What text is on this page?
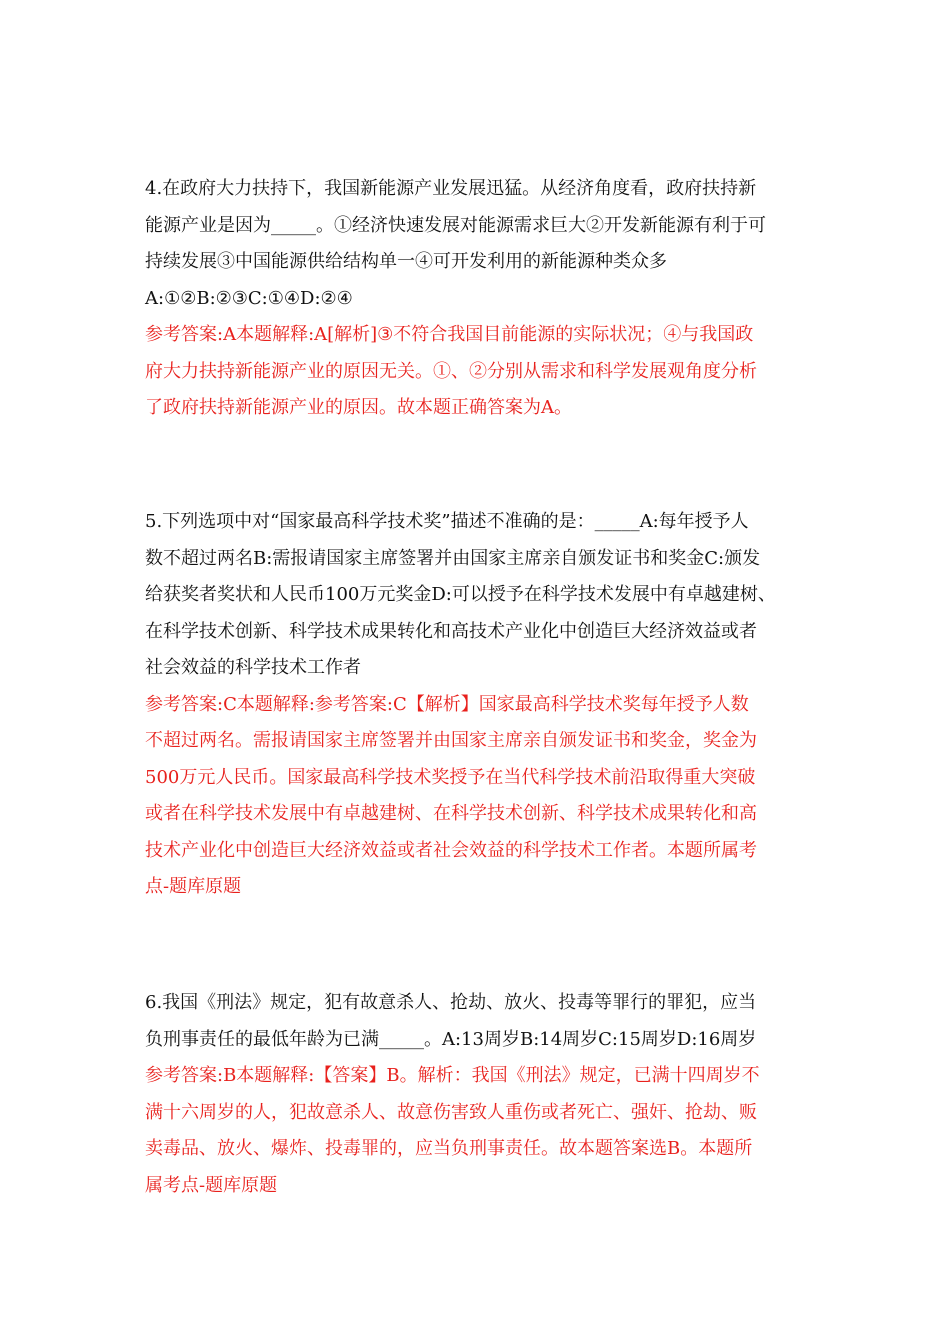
4.在政府大力扶持下，我国新能源产业发展迅猛。从经济角度看，政府扶持新
能源产业是因为_____。①经济快速发展对能源需求巨大②开发新能源有利于可
持续发展③中国能源供给结构单一④可开发利用的新能源种类众多
A:①②B:②③C:①④D:②④
参考答案:A本题解释:A[解析]③不符合我国目前能源的实际状况；④与我国政
府大力扶持新能源产业的原因无关。①、②分别从需求和科学发展观角度分析
了政府扶持新能源产业的原因。故本题正确答案为A。
5.下列选项中对“国家最高科学技术奖”描述不准确的是：_____A:每年授予人
数不超过两名B:需报请国家主席签署并由国家主席亲自颁发证书和奖金C:颁发
给获奖者奖状和人民币100万元奖金D:可以授予在科学技术发展中有卓越建树、
在科学技术创新、科学技术成果转化和高技术产业化中创造巨大经济效益或者
社会效益的科学技术工作者
参考答案:C本题解释:参考答案:C【解析】国家最高科学技术奖每年授予人数
不超过两名。需报请国家主席签署并由国家主席亲自颁发证书和奖金，奖金为
500万元人民币。国家最高科学技术奖授予在当代科学技术前沿取得重大突破
或者在科学技术发展中有卓越建树、在科学技术创新、科学技术成果转化和高
技术产业化中创造巨大经济效益或者社会效益的科学技术工作者。本题所属考
点-题库原题
6.我国《刑法》规定，犯有故意杀人、抢劫、放火、投毒等罪行的罪犯，应当
负刑事责任的最低年龄为已满_____。A:13周岁B:14周岁C:15周岁D:16周岁
参考答案:B本题解释:【答案】B。解析：我国《刑法》规定，已满十四周岁不
满十六周岁的人，犯故意杀人、故意伤害致人重伤或者死亡、强奸、抢劫、贩
卖毒品、放火、爆炸、投毒罪的，应当负刑事责任。故本题答案选B。本题所
属考点-题库原题
